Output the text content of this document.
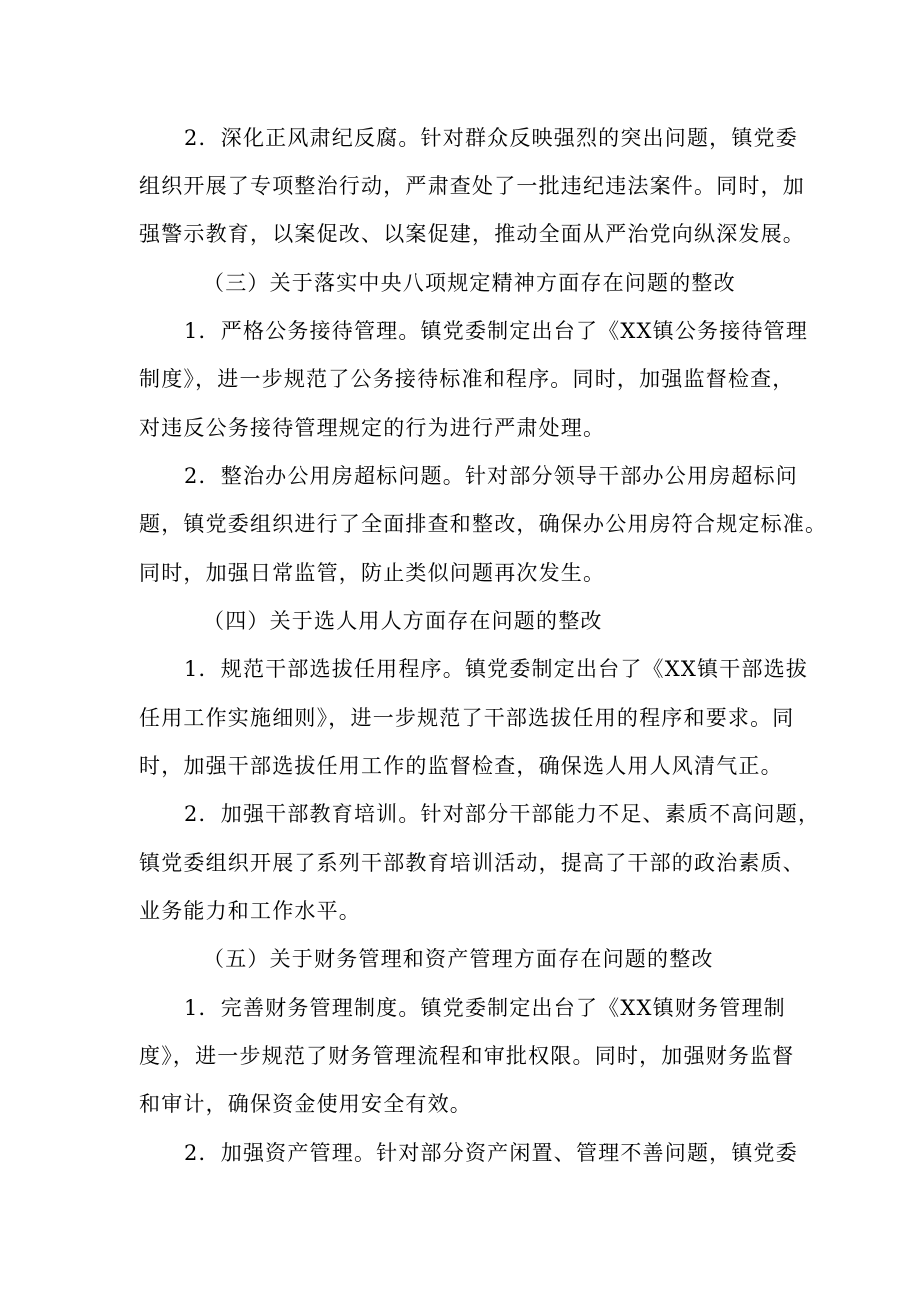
2．深化正风肃纪反腐。针对群众反映强烈的突出问题，镇党委
组织开展了专项整治行动，严肃查处了一批违纪违法案件。同时，加
强警示教育，以案促改、以案促建，推动全面从严治党向纵深发展。
（三）关于落实中央八项规定精神方面存在问题的整改
1．严格公务接待管理。镇党委制定出台了《XX镇公务接待管理
制度》，进一步规范了公务接待标准和程序。同时，加强监督检查，
对违反公务接待管理规定的行为进行严肃处理。
2．整治办公用房超标问题。针对部分领导干部办公用房超标问
题，镇党委组织进行了全面排查和整改，确保办公用房符合规定标准。
同时，加强日常监管，防止类似问题再次发生。
（四）关于选人用人方面存在问题的整改
1．规范干部选拔任用程序。镇党委制定出台了《XX镇干部选拔
任用工作实施细则》，进一步规范了干部选拔任用的程序和要求。同
时，加强干部选拔任用工作的监督检查，确保选人用人风清气正。
2．加强干部教育培训。针对部分干部能力不足、素质不高问题，
镇党委组织开展了系列干部教育培训活动，提高了干部的政治素质、
业务能力和工作水平。
（五）关于财务管理和资产管理方面存在问题的整改
1．完善财务管理制度。镇党委制定出台了《XX镇财务管理制
度》，进一步规范了财务管理流程和审批权限。同时，加强财务监督
和审计，确保资金使用安全有效。
2．加强资产管理。针对部分资产闲置、管理不善问题，镇党委
